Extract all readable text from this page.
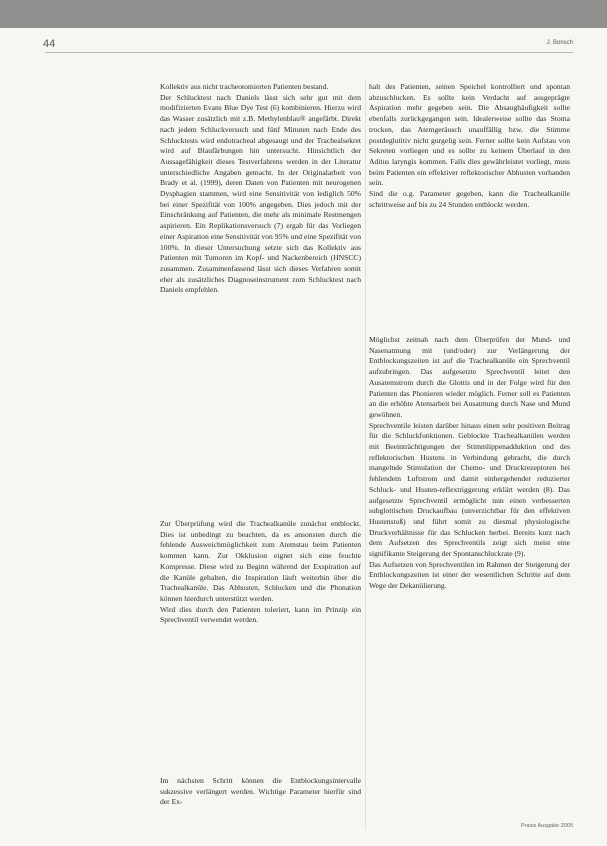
44	J. Bonsch

Kollektiv aus nicht tracheotomierten Patienten bestand.

Der Schlucktest nach Daniels lässt sich sehr gut mit dem modifizierten Evans Blue Dye Test (6) kombinieren. Hierzu wird das Wasser zusätzlich mit z.B. Methylenblau® angefärbt. Direkt nach jedem Schluckversuch und fünf Minuten nach Ende des Schlucktests wird endotracheal abgesaugt und der Trachealsekret wird auf Blaufärbungen hin untersucht. Hinsichtlich der Aussagefähigkeit dieses Testverfahrens werden in der Literatur unterschiedliche Angaben gemacht. In der Originalarbeit von Brady et al. (1999), deren Daten von Patienten mit neurogenen Dysphagien stammen, wird eine Sensitivität von lediglich 50% bei einer Spezifität von 100% angegeben. Dies jedoch mit der Einschränkung auf Patienten, die mehr als minimale Restmengen aspirieren. Ein Replikationsversuch (7) ergab für das Vorliegen einer Aspiration eine Sensitivität von 95% und eine Spezifität von 100%. In dieser Untersuchung setzte sich das Kollektiv aus Patienten mit Tumoren im Kopf- und Nackenbereich (HNSCC) zusammen. Zusammenfassend lässt sich dieses Verfahren somit eher als zusätzliches Diagnoseinstrument zum Schlucktest nach Daniels empfehlen.

Zur Überprüfung wird die Trachealkanüle zunächst entblockt. Dies ist unbedingt zu beachten, da es ansonsten durch die fehlende Ausweichmöglichkeit zum Atemstau beim Patienten kommen kann. Zur Okklusion eignet sich eine feuchte Kompresse. Diese wird zu Beginn während der Exspiration auf die Kanüle gehalten, die Inspiration läuft weiterhin über die Trachealkanüle. Das Abhusten, Schlucken und die Phonation können hierdurch unterstützt werden.

Wird dies durch den Patienten toleriert, kann im Prinzip ein Sprechventil verwendet werden.

Im nächsten Schritt können die Entblockungsintervalle sukzessive verlängert werden. Wichtige Parameter hierfür sind der Ex-

halt des Patienten, seinen Speichel kontrolliert und spontan abzuschlucken. Es sollte kein Verdacht auf ausgeprägte Aspiration mehr gegeben sein. Die Absaughäufigkeit sollte ebenfalls zurückgegangen sein. Idealerweise sollte das Stoma trocken, das Atemgeräusch unauffällig bzw. die Stimme postdeglutitiv nicht gurgelig sein. Ferner sollte kein Aufstau von Sekreten vorliegen und es sollte zu keinem Überlauf in den Aditus laryngis kommen. Falls dies gewährleistet vorliegt, muss beim Patienten ein effektiver reflektorischer Abhusten vorhanden sein.

Sind die o.g. Parameter gegeben, kann die Trachealkanüle schrittweise auf bis zu 24 Stunden entblockt werden.

Möglichst zeitnah nach dem Überprüfen der Mund- und Nasenatmung mit (und/oder) zur Verlängerung der Entblockungszeiten ist auf die Trachealkanüle ein Sprechventil aufzubringen. Das aufgesetzte Sprechventil leitet den Ausatemstrom durch die Glottis und in der Folge wird für den Patienten das Phonieren wieder möglich. Ferner soll es Patienten an die erhöhte Atemarbeit bei Ausatmung durch Nase und Mund gewöhnen.

Sprechventile leisten darüber hinaus einen sehr positiven Beitrag für die Schluckfunktionen. Geblockte Trachealkanülen werden mit Beeinträchtigungen der Stimmlippenadduktion und des reflektorischen Hustens in Verbindung gebracht, die durch mangelnde Stimulation der Chemo- und Druckrezeptoren bei fehlendem Luftstrom und damit einhergehender reduzierter Schluck- und Husten-reflextriggerung erklärt werden (8). Das aufgesetzte Sprechventil ermöglicht nun einen verbesserten subglottischen Druckaufbau (unverzichtbar für den effektiven Hustenstoß) und führt somit zu diesmal physiologische Druckverhältnisse für das Schlucken herbei. Bereits kurz nach dem Aufsetzen des Sprechventils zeigt sich meist eine signifikante Steigerung der Spontanschluckrate (9).

Das Aufsetzen von Sprechventilen im Rahmen der Steigerung der Entblockungszeiten ist einer der wesentlichen Schritte auf dem Wege der Dekanülierung.

Praxis Ausgabe 2005
